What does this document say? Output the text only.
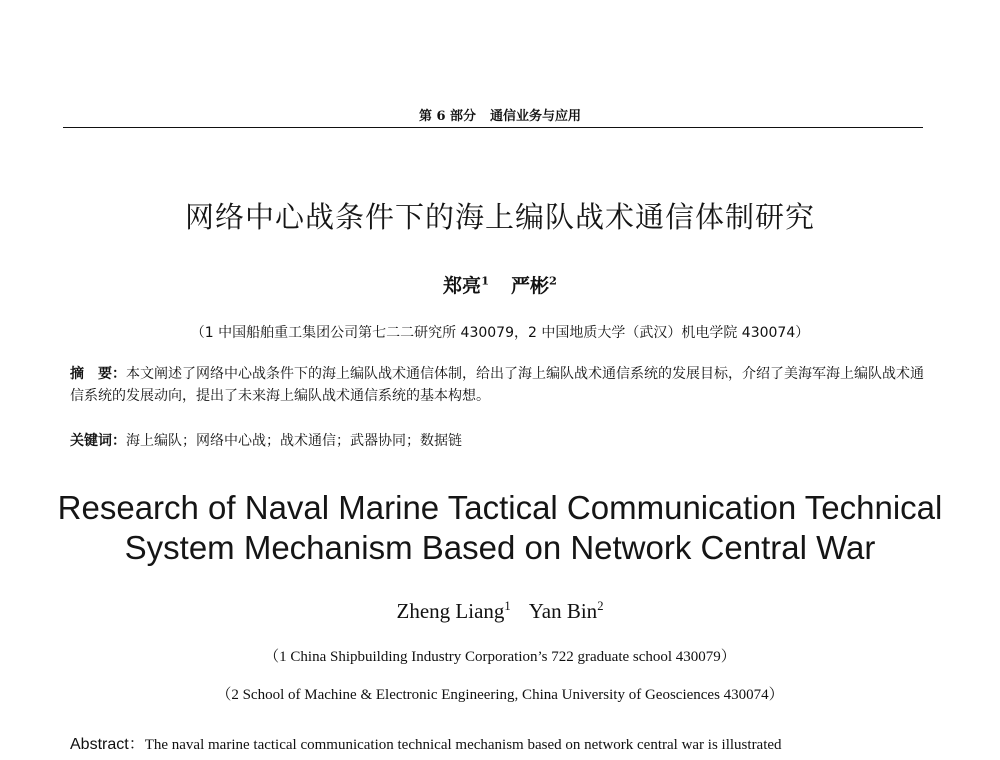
第 6 部分 通信业务与应用
网络中心战条件下的海上编队战术通信体制研究
郑亮$^1$ 严彬$^2$
（1 中国船舶重工集团公司第七二二研究所 430079，2 中国地质大学（武汉）机电学院 430074）
摘　要：本文阐述了网络中心战条件下的海上编队战术通信体制，给出了海上编队战术通信系统的发展目标，介绍了美海军海上编队战术通信系统的发展动向，提出了未来海上编队战术通信系统的基本构想。
关键词：海上编队；网络中心战；战术通信；武器协同；数据链
Research of Naval Marine Tactical Communication Technical
System Mechanism Based on Network Central War
Zheng Liang$^1$ Yan Bin$^2$
（1 China Shipbuilding Industry Corporation’s 722 graduate school 430079）
（2 School of Machine & Electronic Engineering, China University of Geosciences 430074）
Abstract：The naval marine tactical communication technical mechanism based on network central war is illustrated
